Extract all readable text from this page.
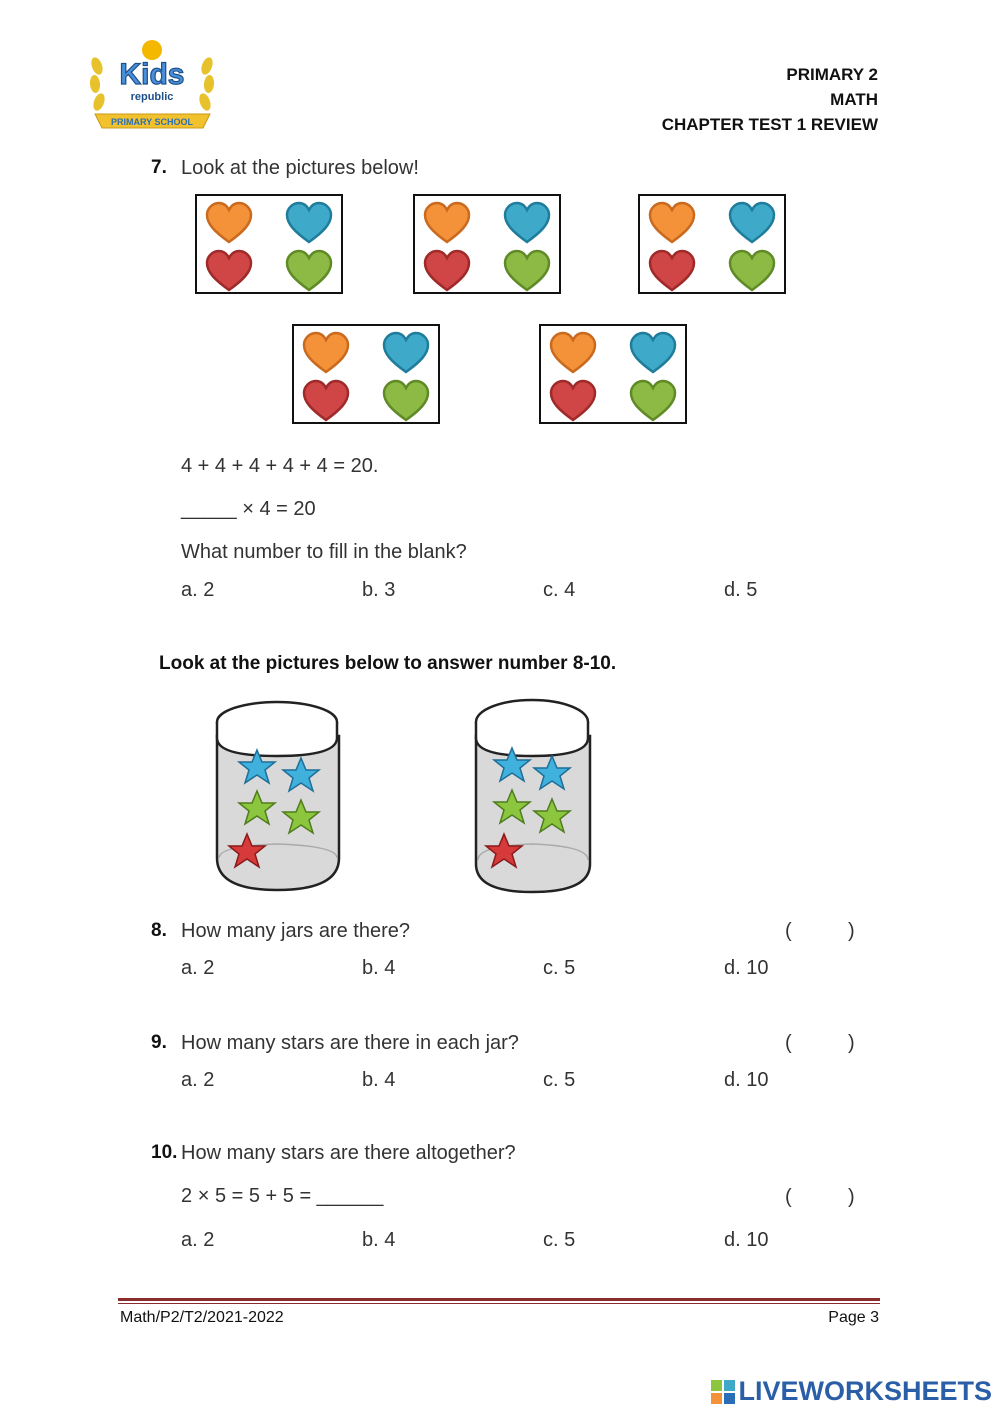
PRIMARY SCHOOL
Kids
republic
PRIMARY 2
MATH
CHAPTER TEST 1 REVIEW
7. Look at the pictures below!
4 + 4 + 4 + 4 + 4 = 20.
_____ × 4 = 20
What number to fill in the blank?
a. 2	b. 3	c. 4	d. 5
Look at the pictures below to answer number 8-10.
8. How many jars are there?	(	)
a. 2	b. 4	c. 5	d. 10
9. How many stars are there in each jar?	(	)
a. 2	b. 4	c. 5	d. 10
10. How many stars are there altogether?
2 × 5 = 5 + 5 = ______	(	)
a. 2	b. 4	c. 5	d. 10
Math/P2/T2/2021-2022	Page 3
LIVEWORKSHEETS
